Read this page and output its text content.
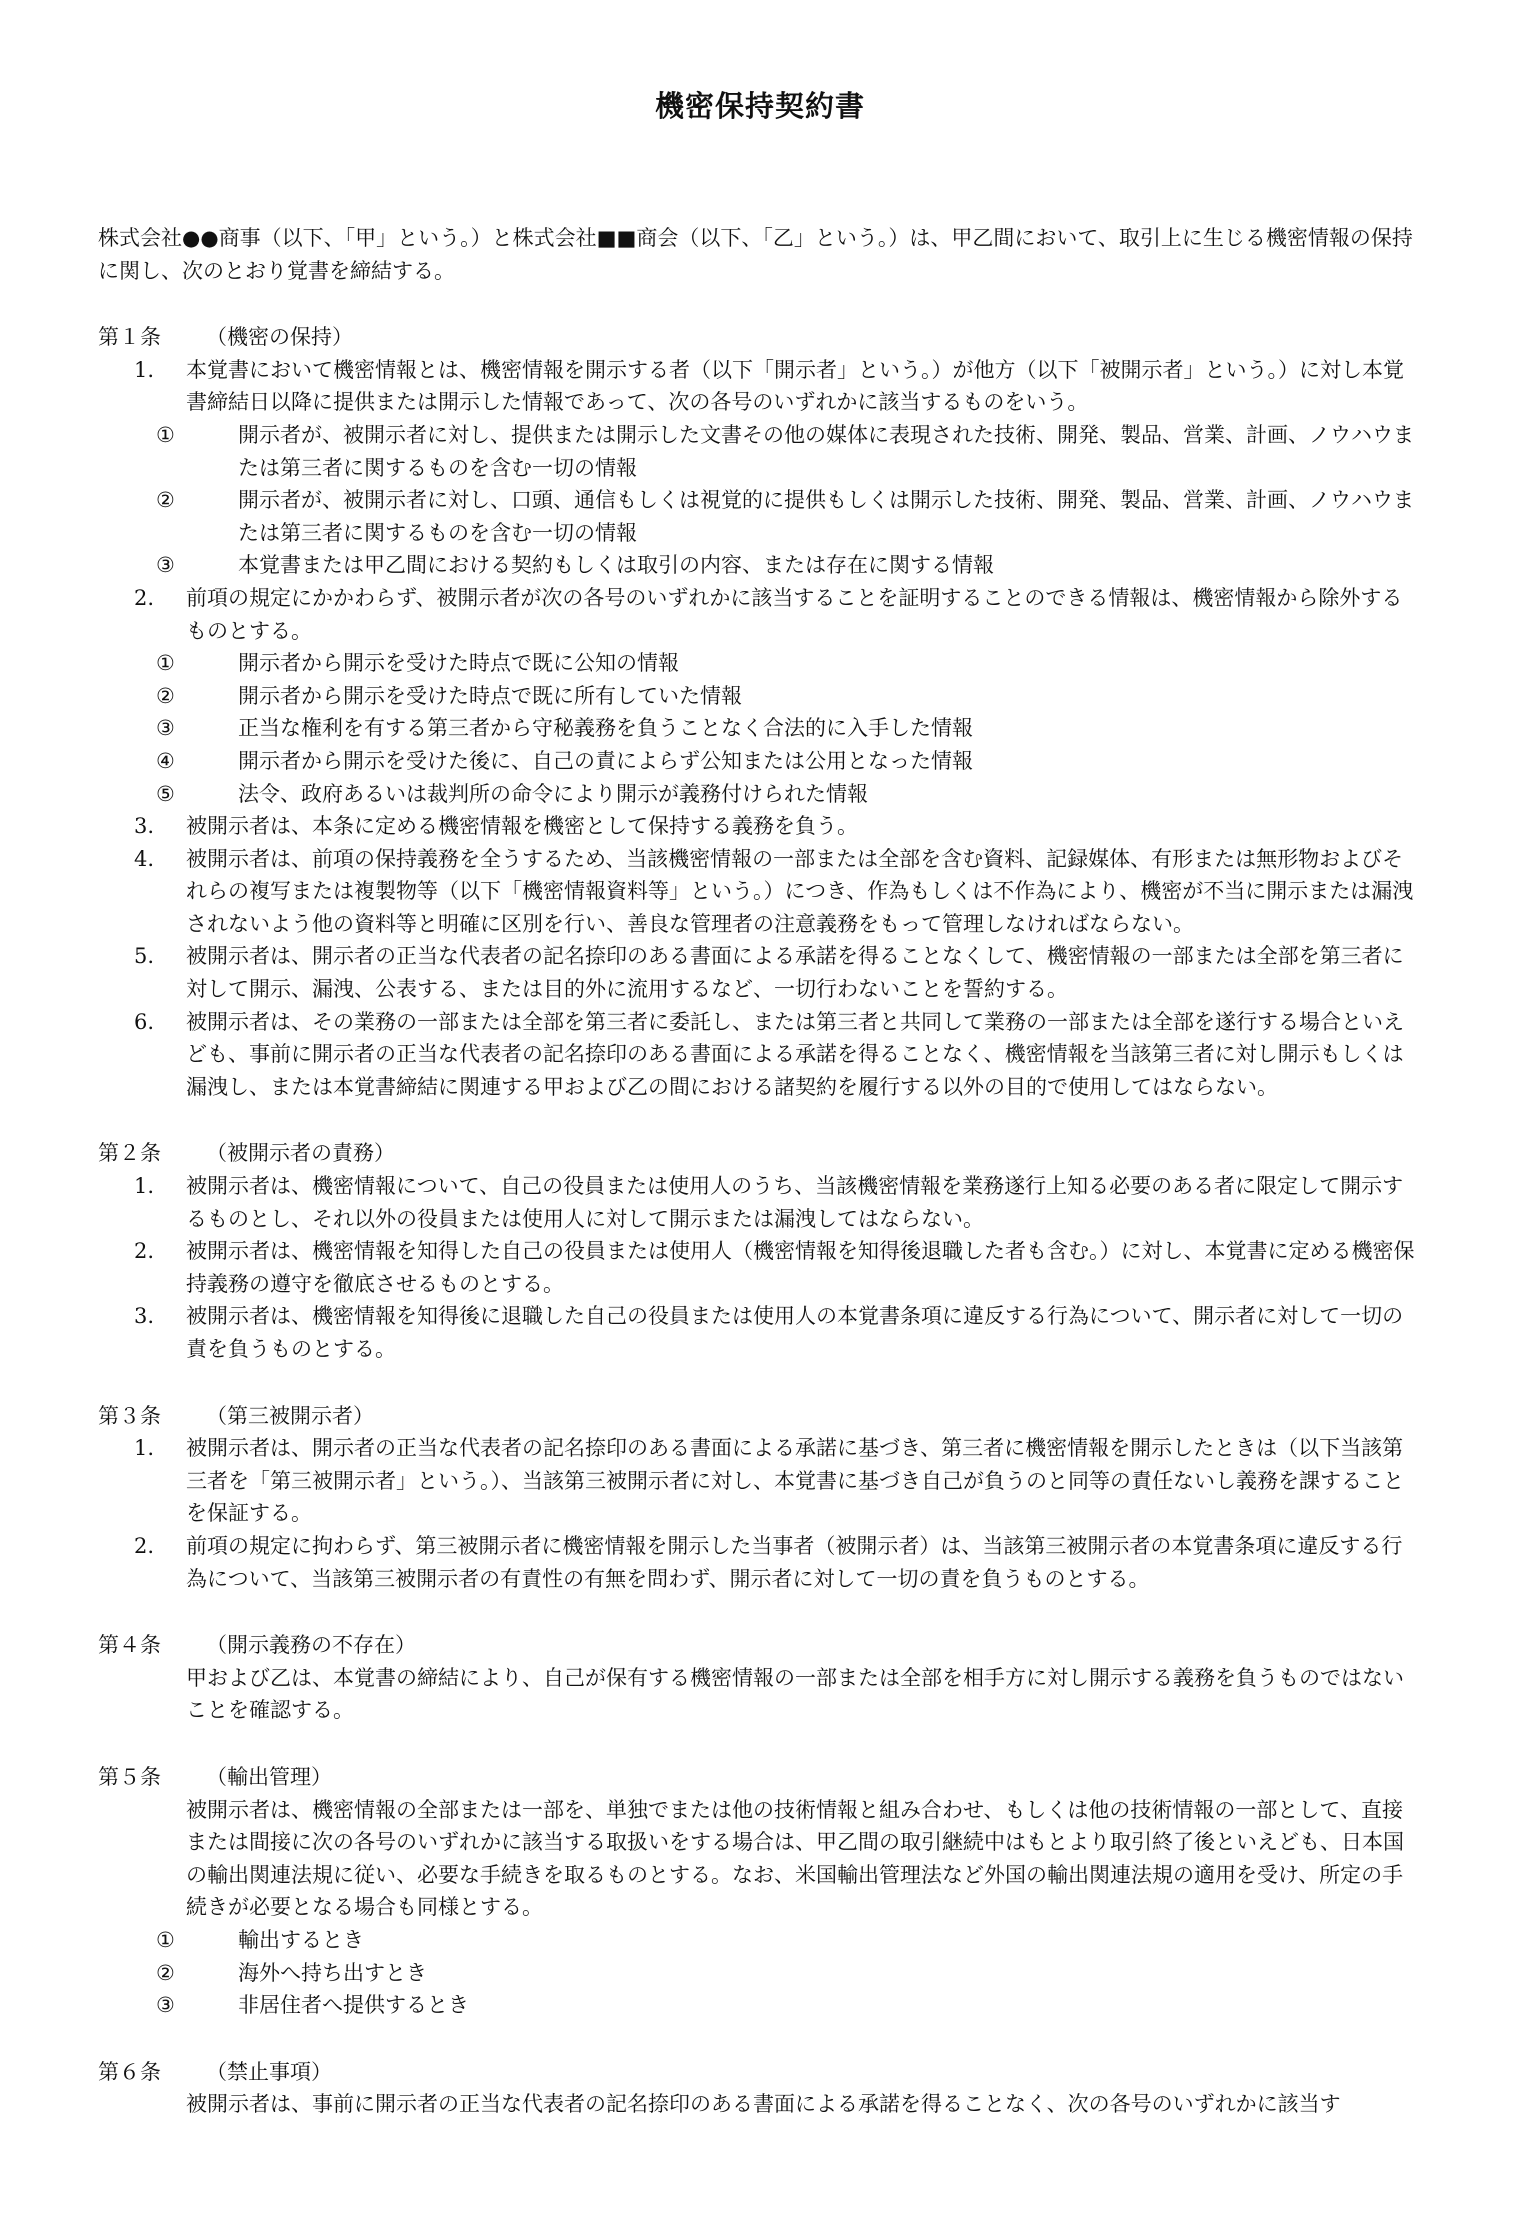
機密保持契約書

株式会社●●商事（以下、「甲」という。）と株式会社■■商会（以下、「乙」という。）は、甲乙間において、取引上に生じる機密情報の保持に関し、次のとおり覚書を締結する。

第１条	（機密の保持）
1.	本覚書において機密情報とは、機密情報を開示する者（以下「開示者」という。）が他方（以下「被開示者」という。）に対し本覚書締結日以降に提供または開示した情報であって、次の各号のいずれかに該当するものをいう。
①	開示者が、被開示者に対し、提供または開示した文書その他の媒体に表現された技術、開発、製品、営業、計画、ノウハウまたは第三者に関するものを含む一切の情報
②	開示者が、被開示者に対し、口頭、通信もしくは視覚的に提供もしくは開示した技術、開発、製品、営業、計画、ノウハウまたは第三者に関するものを含む一切の情報
③	本覚書または甲乙間における契約もしくは取引の内容、または存在に関する情報
2.	前項の規定にかかわらず、被開示者が次の各号のいずれかに該当することを証明することのできる情報は、機密情報から除外するものとする。
①	開示者から開示を受けた時点で既に公知の情報
②	開示者から開示を受けた時点で既に所有していた情報
③	正当な権利を有する第三者から守秘義務を負うことなく合法的に入手した情報
④	開示者から開示を受けた後に、自己の責によらず公知または公用となった情報
⑤	法令、政府あるいは裁判所の命令により開示が義務付けられた情報
3.	被開示者は、本条に定める機密情報を機密として保持する義務を負う。
4.	被開示者は、前項の保持義務を全うするため、当該機密情報の一部または全部を含む資料、記録媒体、有形または無形物およびそれらの複写または複製物等（以下「機密情報資料等」という。）につき、作為もしくは不作為により、機密が不当に開示または漏洩されないよう他の資料等と明確に区別を行い、善良な管理者の注意義務をもって管理しなければならない。
5.	被開示者は、開示者の正当な代表者の記名捺印のある書面による承諾を得ることなくして、機密情報の一部または全部を第三者に対して開示、漏洩、公表する、または目的外に流用するなど、一切行わないことを誓約する。
6.	被開示者は、その業務の一部または全部を第三者に委託し、または第三者と共同して業務の一部または全部を遂行する場合といえども、事前に開示者の正当な代表者の記名捺印のある書面による承諾を得ることなく、機密情報を当該第三者に対し開示もしくは漏洩し、または本覚書締結に関連する甲および乙の間における諸契約を履行する以外の目的で使用してはならない。
第２条	（被開示者の責務）
1.	被開示者は、機密情報について、自己の役員または使用人のうち、当該機密情報を業務遂行上知る必要のある者に限定して開示するものとし、それ以外の役員または使用人に対して開示または漏洩してはならない。
2.	被開示者は、機密情報を知得した自己の役員または使用人（機密情報を知得後退職した者も含む。）に対し、本覚書に定める機密保持義務の遵守を徹底させるものとする。
3.	被開示者は、機密情報を知得後に退職した自己の役員または使用人の本覚書条項に違反する行為について、開示者に対して一切の責を負うものとする。
第３条	（第三被開示者）
1.	被開示者は、開示者の正当な代表者の記名捺印のある書面による承諾に基づき、第三者に機密情報を開示したときは（以下当該第三者を「第三被開示者」という。）、当該第三被開示者に対し、本覚書に基づき自己が負うのと同等の責任ないし義務を課することを保証する。
2.	前項の規定に拘わらず、第三被開示者に機密情報を開示した当事者（被開示者）は、当該第三被開示者の本覚書条項に違反する行為について、当該第三被開示者の有責性の有無を問わず、開示者に対して一切の責を負うものとする。
第４条	（開示義務の不存在）

甲および乙は、本覚書の締結により、自己が保有する機密情報の一部または全部を相手方に対し開示する義務を負うものではないことを確認する。

第５条	（輸出管理）

被開示者は、機密情報の全部または一部を、単独でまたは他の技術情報と組み合わせ、もしくは他の技術情報の一部として、直接または間接に次の各号のいずれかに該当する取扱いをする場合は、甲乙間の取引継続中はもとより取引終了後といえども、日本国の輸出関連法規に従い、必要な手続きを取るものとする。なお、米国輸出管理法など外国の輸出関連法規の適用を受け、所定の手続きが必要となる場合も同様とする。

①	輸出するとき
②	海外へ持ち出すとき
③	非居住者へ提供するとき
第６条	（禁止事項）

被開示者は、事前に開示者の正当な代表者の記名捺印のある書面による承諾を得ることなく、次の各号のいずれかに該当す
